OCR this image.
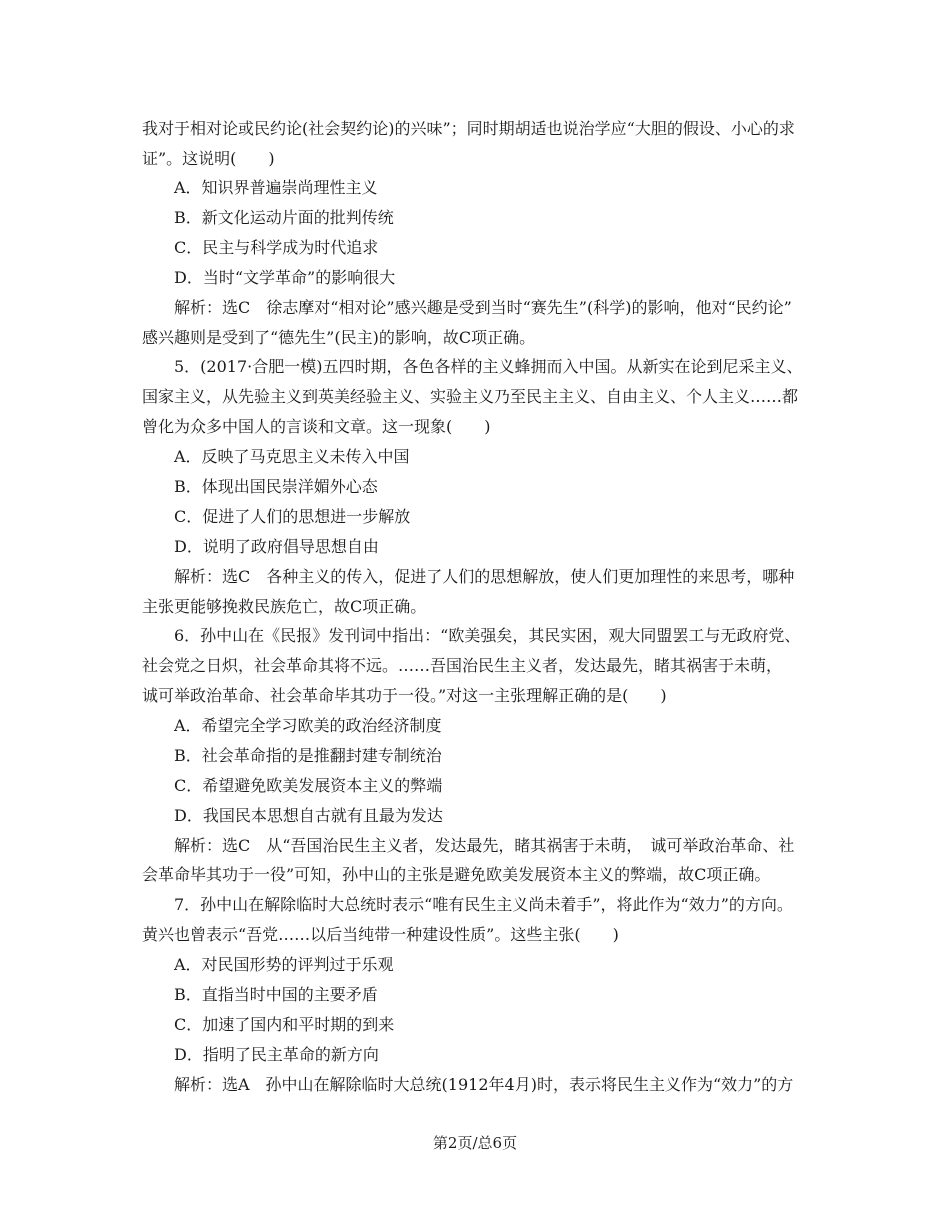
我对于相对论或民约论(社会契约论)的兴味”；同时期胡适也说治学应“大胆的假设、小心的求
证”。这说明(　　)
A．知识界普遍崇尚理性主义
B．新文化运动片面的批判传统
C．民主与科学成为时代追求
D．当时“文学革命”的影响很大
解析：选C　徐志摩对“相对论”感兴趣是受到当时“赛先生”(科学)的影响，他对“民约论”
感兴趣则是受到了“德先生”(民主)的影响，故C项正确。
5．(2017·合肥一模)五四时期，各色各样的主义蜂拥而入中国。从新实在论到尼采主义、
国家主义，从先验主义到英美经验主义、实验主义乃至民主主义、自由主义、个人主义……都
曾化为众多中国人的言谈和文章。这一现象(　　)
A．反映了马克思主义未传入中国
B．体现出国民崇洋媚外心态
C．促进了人们的思想进一步解放
D．说明了政府倡导思想自由
解析：选C　各种主义的传入，促进了人们的思想解放，使人们更加理性的来思考，哪种
主张更能够挽救民族危亡，故C项正确。
6．孙中山在《民报》发刊词中指出：“欧美强矣，其民实困，观大同盟罢工与无政府党、
社会党之日炽，社会革命其将不远。……吾国治民生主义者，发达最先，睹其祸害于未萌，
诚可举政治革命、社会革命毕其功于一役。”对这一主张理解正确的是(　　)
A．希望完全学习欧美的政治经济制度
B．社会革命指的是推翻封建专制统治
C．希望避免欧美发展资本主义的弊端
D．我国民本思想自古就有且最为发达
解析：选C　从“吾国治民生主义者，发达最先，睹其祸害于未萌，　诚可举政治革命、社
会革命毕其功于一役”可知，孙中山的主张是避免欧美发展资本主义的弊端，故C项正确。
7．孙中山在解除临时大总统时表示“唯有民生主义尚未着手”，将此作为“效力”的方向。
黄兴也曾表示“吾党……以后当纯带一种建设性质”。这些主张(　　)
A．对民国形势的评判过于乐观
B．直指当时中国的主要矛盾
C．加速了国内和平时期的到来
D．指明了民主革命的新方向
解析：选A　孙中山在解除临时大总统(1912年4月)时，表示将民生主义作为“效力”的方
第2页/总6页
